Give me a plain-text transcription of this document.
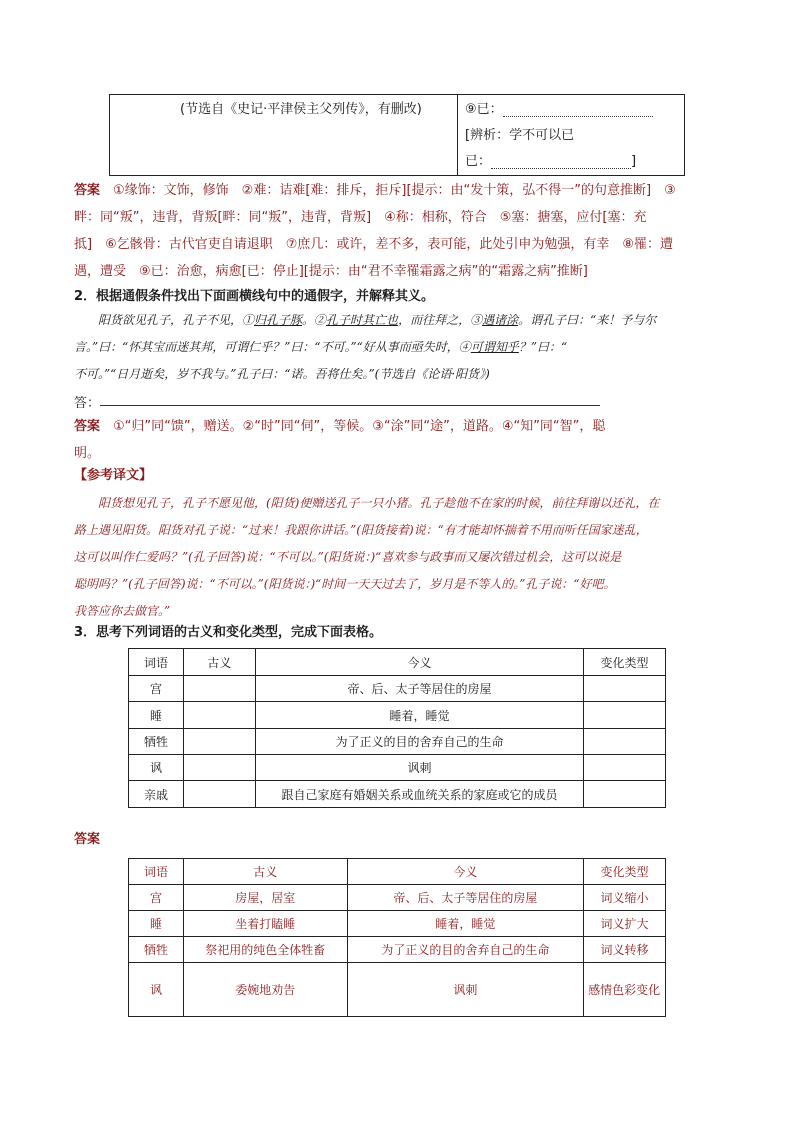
(节选自《史记·平津侯主父列传》，有删改)	⑨已：
[辨析：学不可以已
已：	]
答案　 ①缘饰：文饰，修饰　②难：诘难[难：排斥，拒斥][提示：由“发十策，弘不得一”的句意推断]　③
畔：同“叛”，违背，背叛[畔：同“叛”，违背，背叛]　④称：相称，符合　⑤塞：搪塞，应付[塞：充
抵]　⑥乞骸骨：古代官吏自请退职　⑦庶几：或许，差不多，表可能，此处引申为勉强，有幸　⑧罹：遭
遇，遭受　⑨已：治愈，病愈[已：停止][提示：由“君不幸罹霜露之病”的“霜露之病”推断]
2．根据通假条件找出下面画横线句中的通假字，并解释其义。
阳货欲见孔子，孔子不见，①归孔子豚。②孔子时其亡也，而往拜之，③遇诸涂。谓孔子曰：“来！予与尔
言。”曰：“怀其宝而迷其邦，可谓仁乎？”曰：“不可。”“好从事而亟失时，④可谓知乎？”曰：“
不可。”“日月逝矣，岁不我与。”孔子曰：“诺。吾将仕矣。”(节选自《论语·阳货》)
答：
答案　 ①“归”同“馈”，赠送。②“时”同“伺”，等候。③“涂”同“途”，道路。④“知”同“智”，聪
明。
【参考译文】
阳货想见孔子，孔子不愿见他，(阳货)便赠送孔子一只小猪。孔子趁他不在家的时候，前往拜谢以还礼，在
路上遇见阳货。阳货对孔子说：“过来！我跟你讲话。”(阳货接着)说：“有才能却怀揣着不用而听任国家迷乱，
这可以叫作仁爱吗？”(孔子回答)说：“不可以。”(阳货说：)“喜欢参与政事而又屡次错过机会，这可以说是
聪明吗？”(孔子回答)说：“不可以。”(阳货说：)“时间一天天过去了，岁月是不等人的。”孔子说：“好吧。
我答应你去做官。”
3．思考下列词语的古义和变化类型，完成下面表格。
词语	古义	今义	变化类型
宫		帝、后、太子等居住的房屋	
睡		睡着，睡觉	
牺牲		为了正义的目的舍弃自己的生命	
讽		讽刺	
亲戚		跟自己家庭有婚姻关系或血统关系的家庭或它的成员	
答案
词语	古义	今义	变化类型
宫	房屋，居室	帝、后、太子等居住的房屋	词义缩小
睡	坐着打瞌睡	睡着，睡觉	词义扩大
牺牲	祭祀用的纯色全体牲畜	为了正义的目的舍弃自己的生命	词义转移
讽	委婉地劝告	讽刺	感情色彩变化
